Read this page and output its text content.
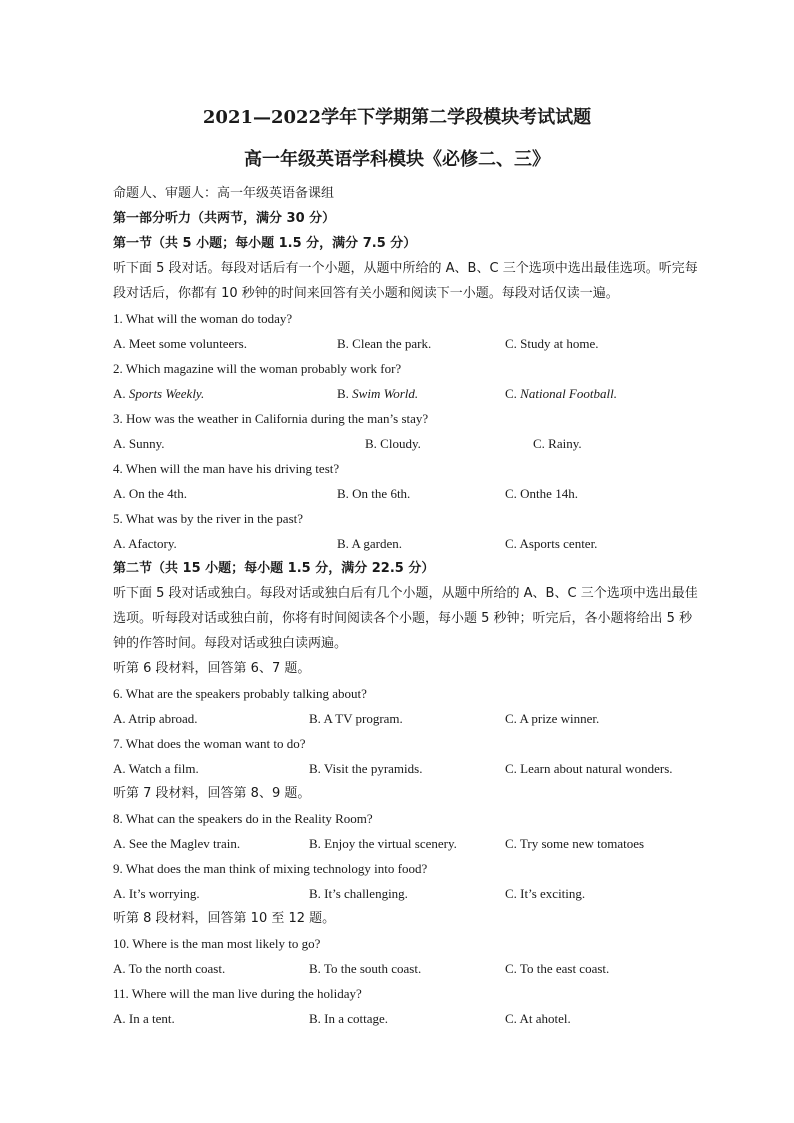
2021—2022学年下学期第二学段模块考试试题
高一年级英语学科模块《必修二、三》
命题人、审题人：高一年级英语备课组
第一部分听力（共两节，满分 30 分）
第一节（共 5 小题；每小题 1.5 分，满分 7.5 分）
听下面 5 段对话。每段对话后有一个小题，从题中所给的 A、B、C 三个选项中选出最佳选项。听完每段对话后，你都有 10 秒钟的时间来回答有关小题和阅读下一小题。每段对话仅读一遍。
1. What will the woman do today?
A. Meet some volunteers.	B. Clean the park.	C. Study at home.
2. Which magazine will the woman probably work for?
A. Sports Weekly.	B. Swim World.	C. National Football.
3. How was the weather in California during the man’s stay?
A. Sunny.	B. Cloudy.	C. Rainy.
4. When will the man have his driving test?
A. On the 4th.	B. On the 6th.	C. Onthe 14h.
5. What was by the river in the past?
A. Afactory.	B. A garden.	C. Asports center.
第二节（共 15 小题；每小题 1.5 分，满分 22.5 分）
听下面 5 段对话或独白。每段对话或独白后有几个小题，从题中所给的 A、B、C 三个选项中选出最佳选项。听每段对话或独白前，你将有时间阅读各个小题，每小题 5 秒钟；听完后，各小题将给出 5 秒钟的作答时间。每段对话或独白读两遍。
听第 6 段材料，回答第 6、7 题。
6. What are the speakers probably talking about?
A. Atrip abroad.	B. A TV program.	C. A prize winner.
7. What does the woman want to do?
A. Watch a film.	B. Visit the pyramids.	C. Learn about natural wonders.
听第 7 段材料，回答第 8、9 题。
8. What can the speakers do in the Reality Room?
A. See the Maglev train.	B. Enjoy the virtual scenery.	C. Try some new tomatoes
9. What does the man think of mixing technology into food?
A. It’s worrying.	B. It’s challenging.	C. It’s exciting.
听第 8 段材料，回答第 10 至 12 题。
10. Where is the man most likely to go?
A. To the north coast.	B. To the south coast.	C. To the east coast.
11. Where will the man live during the holiday?
A. In a tent.	B. In a cottage.	C. At ahotel.
